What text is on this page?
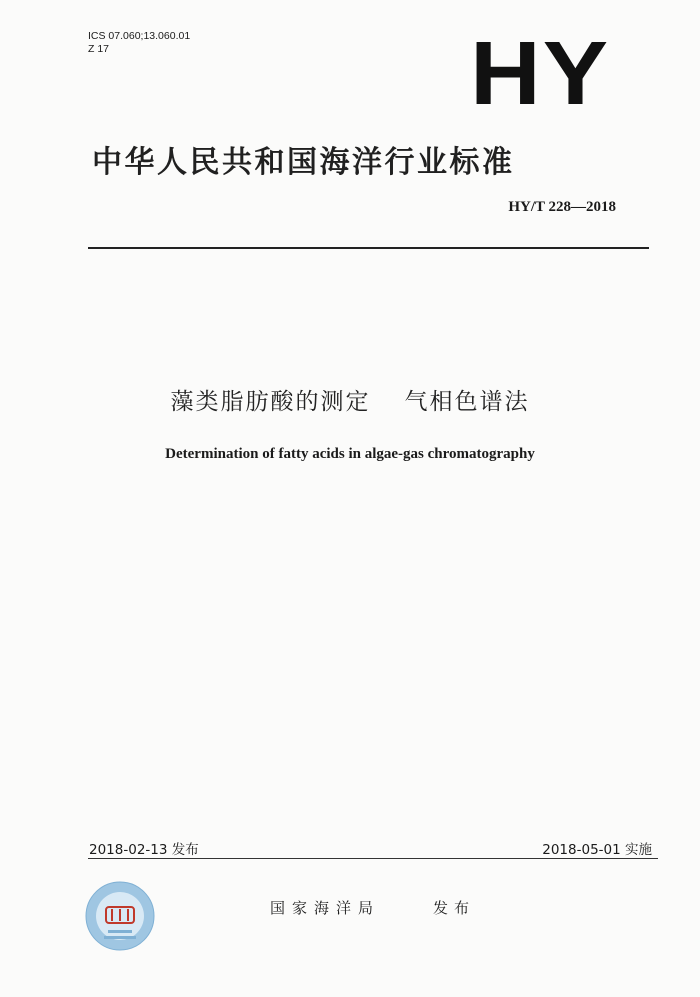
ICS 07.060;13.060.01
Z 17	HY
中华人民共和国海洋行业标准
HY/T 228—2018
藻类脂肪酸的测定 气相色谱法
Determination of fatty acids in algae-gas chromatography
2018-02-13 发布	2018-05-01 实施
国家海洋局	发布
